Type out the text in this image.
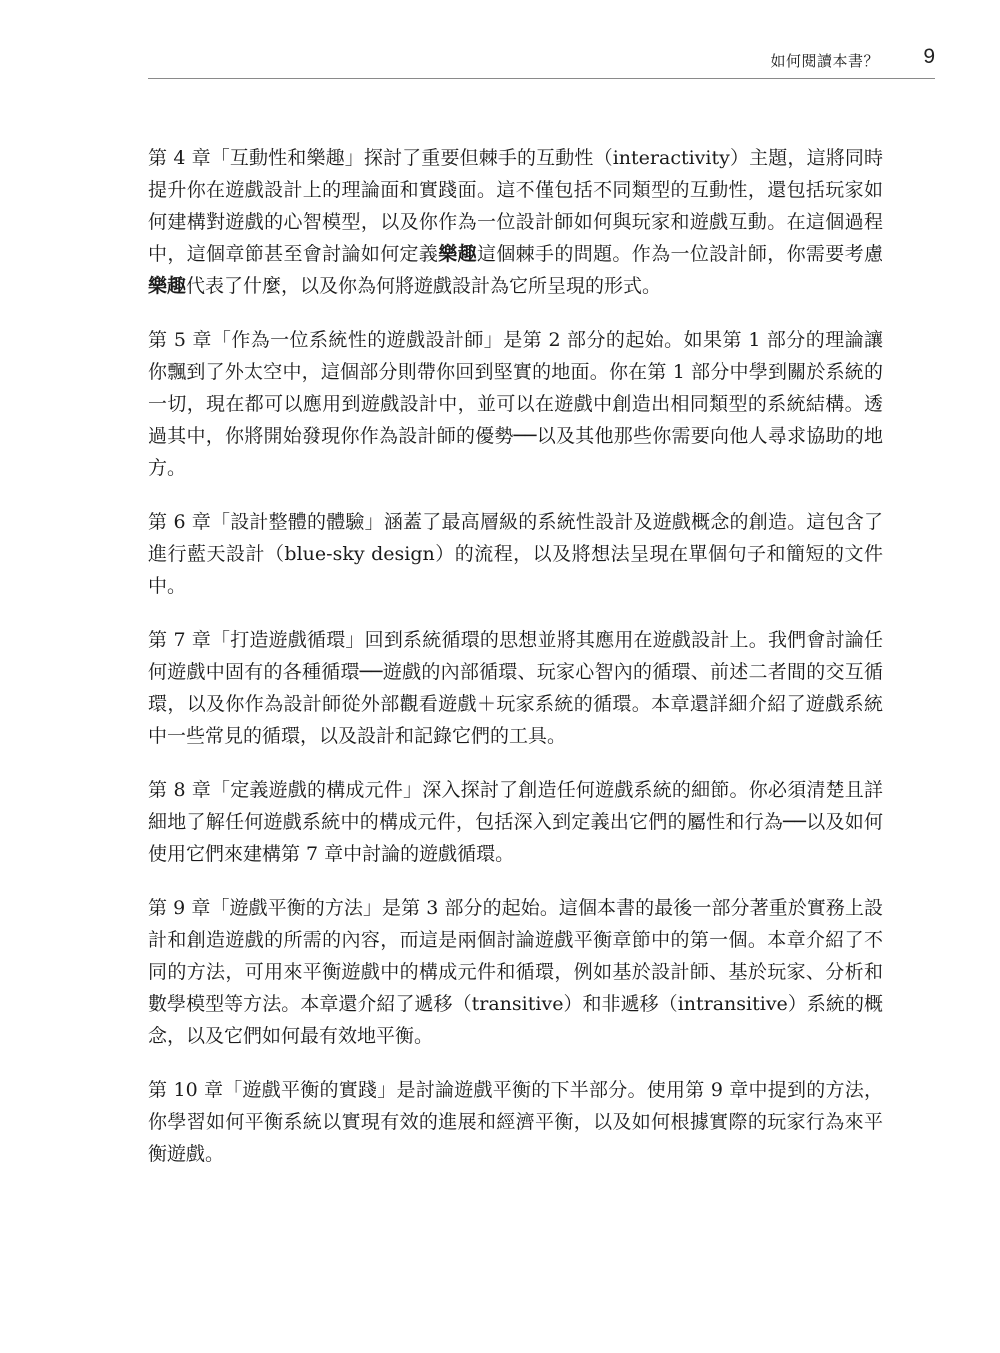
如何閱讀本書？ 9

第 4 章「互動性和樂趣」探討了重要但棘手的互動性（interactivity）主題，這將同時提升你在遊戲設計上的理論面和實踐面。這不僅包括不同類型的互動性，還包括玩家如何建構對遊戲的心智模型，以及你作為一位設計師如何與玩家和遊戲互動。在這個過程中，這個章節甚至會討論如何定義樂趣這個棘手的問題。作為一位設計師，你需要考慮樂趣代表了什麼，以及你為何將遊戲設計為它所呈現的形式。

第 5 章「作為一位系統性的遊戲設計師」是第 2 部分的起始。如果第 1 部分的理論讓你飄到了外太空中，這個部分則帶你回到堅實的地面。你在第 1 部分中學到關於系統的一切，現在都可以應用到遊戲設計中，並可以在遊戲中創造出相同類型的系統結構。透過其中，你將開始發現你作為設計師的優勢──以及其他那些你需要向他人尋求協助的地方。

第 6 章「設計整體的體驗」涵蓋了最高層級的系統性設計及遊戲概念的創造。這包含了進行藍天設計（blue-sky design）的流程，以及將想法呈現在單個句子和簡短的文件中。

第 7 章「打造遊戲循環」回到系統循環的思想並將其應用在遊戲設計上。我們會討論任何遊戲中固有的各種循環──遊戲的內部循環、玩家心智內的循環、前述二者間的交互循環，以及你作為設計師從外部觀看遊戲＋玩家系統的循環。本章還詳細介紹了遊戲系統中一些常見的循環，以及設計和記錄它們的工具。

第 8 章「定義遊戲的構成元件」深入探討了創造任何遊戲系統的細節。你必須清楚且詳細地了解任何遊戲系統中的構成元件，包括深入到定義出它們的屬性和行為──以及如何使用它們來建構第 7 章中討論的遊戲循環。

第 9 章「遊戲平衡的方法」是第 3 部分的起始。這個本書的最後一部分著重於實務上設計和創造遊戲的所需的內容，而這是兩個討論遊戲平衡章節中的第一個。本章介紹了不同的方法，可用來平衡遊戲中的構成元件和循環，例如基於設計師、基於玩家、分析和數學模型等方法。本章還介紹了遞移（transitive）和非遞移（intransitive）系統的概念，以及它們如何最有效地平衡。

第 10 章「遊戲平衡的實踐」是討論遊戲平衡的下半部分。使用第 9 章中提到的方法，你學習如何平衡系統以實現有效的進展和經濟平衡，以及如何根據實際的玩家行為來平衡遊戲。
